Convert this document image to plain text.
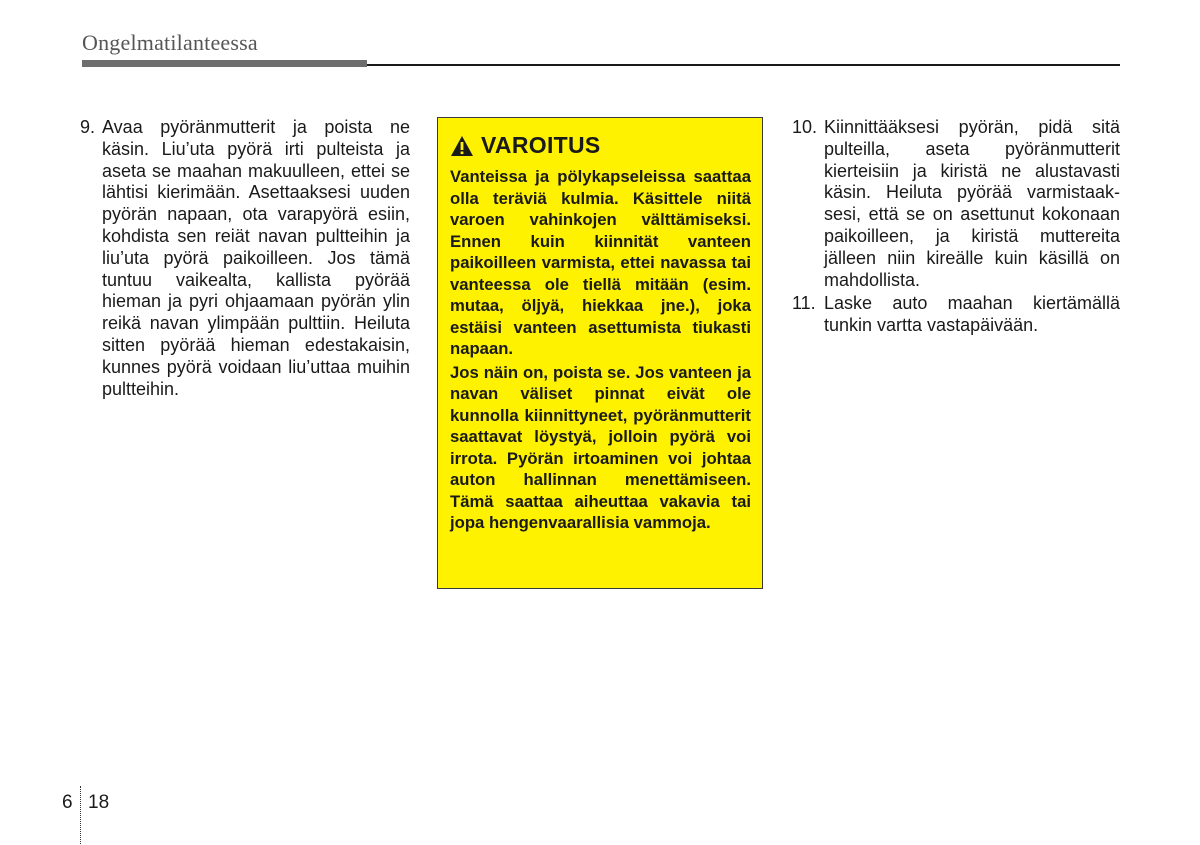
Ongelmatilanteessa
9. Avaa pyöränmutterit ja poista ne käsin. Liu’uta pyörä irti pulteista ja aseta se maahan makuulleen, ettei se lähtisi kierimään. Asettaaksesi uuden pyörän napaan, ota varapyörä esiin, kohdista sen reiät navan pultteihin ja liu’uta pyörä paikoilleen. Jos tämä tuntuu vaikealta, kallista pyörää hieman ja pyri ohjaamaan pyörän ylin reikä navan ylimpään pulttiin. Heiluta sitten pyörää hieman edestakaisin, kunnes pyörä voidaan liu’uttaa muihin pultteihin.
VAROITUS

Vanteissa ja pölykapseleissa saattaa olla teräviä kulmia. Käsittele niitä varoen vahinkojen välttämiseksi. Ennen kuin kiinnität vanteen paikoilleen varmista, ettei navassa tai vanteessa ole tiellä mitään (esim. mutaa, öljyä, hiekkaa jne.), joka estäisi vanteen asettumista tiukasti napaan.

Jos näin on, poista se. Jos vanteen ja navan väliset pinnat eivät ole kunnolla kiinnittyneet, pyöränmutterit saattavat löystyä, jolloin pyörä voi irrota. Pyörän irtoaminen voi johtaa auton hallinnan menettämiseen. Tämä saattaa aiheuttaa vakavia tai jopa hengenvaarallisia vammoja.

10. Kiinnittääksesi pyörän, pidä sitä pulteilla, aseta pyöränmutterit kierteisiin ja kiristä ne alustavasti käsin. Heiluta pyörää varmistaaksesi, että se on asettunut kokonaan paikoilleen, ja kiristä muttereita jälleen niin kireälle kuin käsillä on mahdollista.
11. Laske auto maahan kiertämällä tunkin vartta vastapäivään.
6 18
